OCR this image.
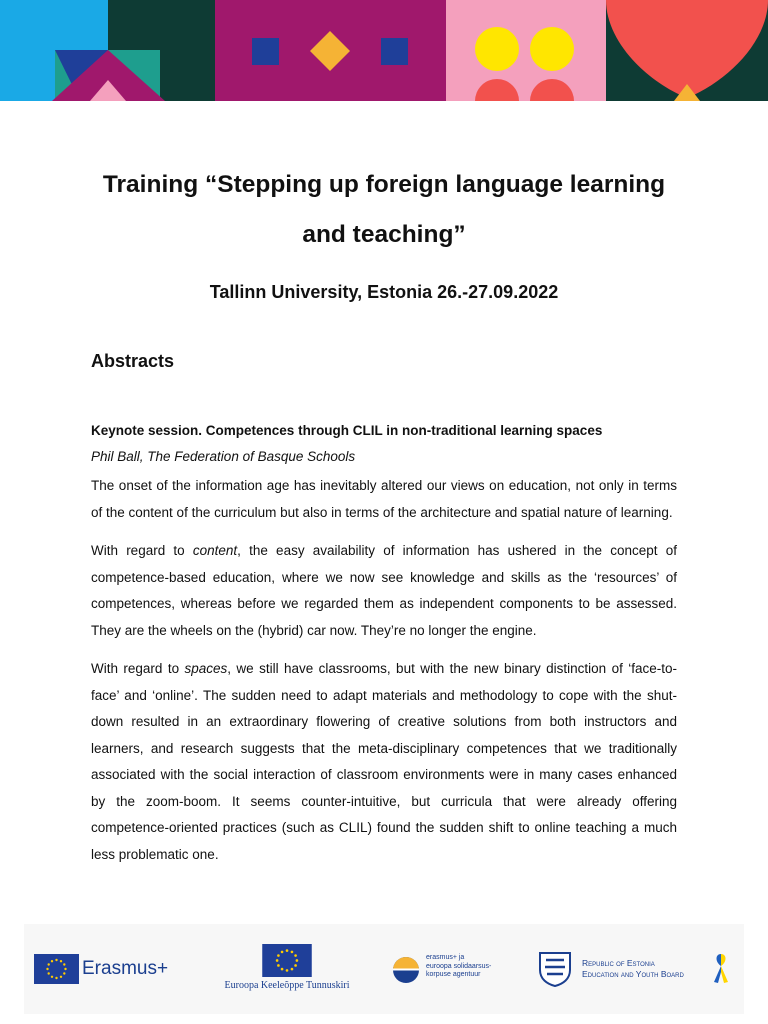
Training “Stepping up foreign language learning
and teaching”
Tallinn University, Estonia 26.-27.09.2022
Abstracts

Keynote session. Competences through CLIL in non-traditional learning spaces

Phil Ball, The Federation of Basque Schools

The onset of the information age has inevitably altered our views on education, not only in terms of the content of the curriculum but also in terms of the architecture and spatial nature of learning.

With regard to content, the easy availability of information has ushered in the concept of competence-based education, where we now see knowledge and skills as the ‘resources’ of competences, whereas before we regarded them as independent components to be assessed. They are the wheels on the (hybrid) car now. They’re no longer the engine.

With regard to spaces, we still have classrooms, but with the new binary distinction of ‘face-to-face’ and ‘online’. The sudden need to adapt materials and methodology to cope with the shut-down resulted in an extraordinary flowering of creative solutions from both instructors and learners, and research suggests that the meta-disciplinary competences that we traditionally associated with the social interaction of classroom environments were in many cases enhanced by the zoom-boom. It seems counter-intuitive, but curricula that were already offering competence-oriented practices (such as CLIL) found the sudden shift to online teaching a much less problematic one.

Erasmus+
Euroopa Keeleõppe Tunnuskiri
erasmus+ ja
euroopa solidaarsus-
korpuse agentuur
Republic of Estonia
Education and Youth Board
